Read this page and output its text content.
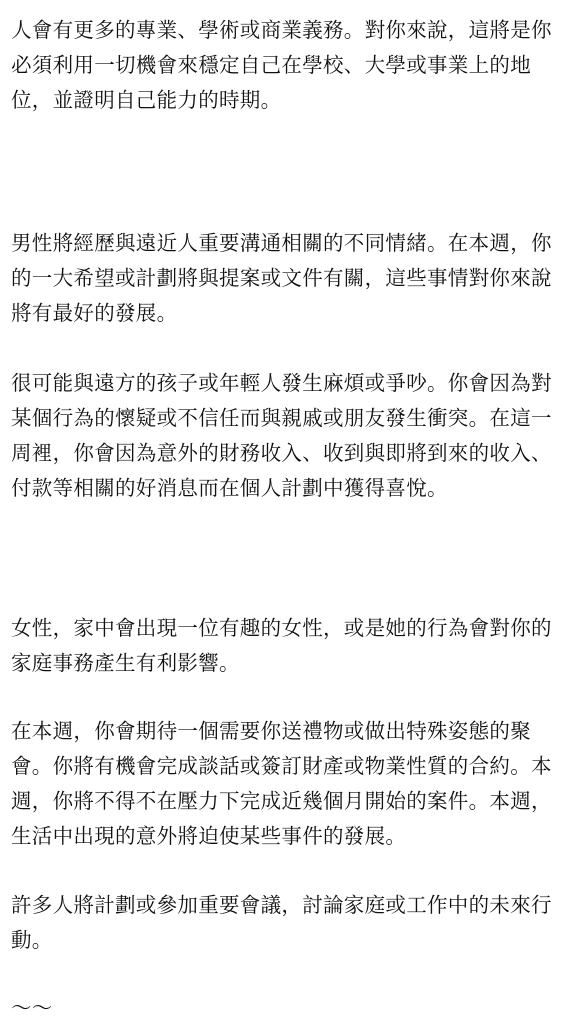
人會有更多的專業、學術或商業義務。對你來說，這將是你必須利用一切機會來穩定自己在學校、大學或事業上的地位，並證明自己能力的時期。

男性將經歷與遠近人重要溝通相關的不同情緒。在本週，你的一大希望或計劃將與提案或文件有關，這些事情對你來說將有最好的發展。

很可能與遠方的孩子或年輕人發生麻煩或爭吵。你會因為對某個行為的懷疑或不信任而與親戚或朋友發生衝突。在這一周裡，你會因為意外的財務收入、收到與即將到來的收入、付款等相關的好消息而在個人計劃中獲得喜悅。

女性，家中會出現一位有趣的女性，或是她的行為會對你的家庭事務產生有利影響。

在本週，你會期待一個需要你送禮物或做出特殊姿態的聚會。你將有機會完成談話或簽訂財產或物業性質的合約。本週，你將不得不在壓力下完成近幾個月開始的案件。本週，生活中出現的意外將迫使某些事件的發展。

許多人將計劃或參加重要會議，討論家庭或工作中的未來行動。

～～
